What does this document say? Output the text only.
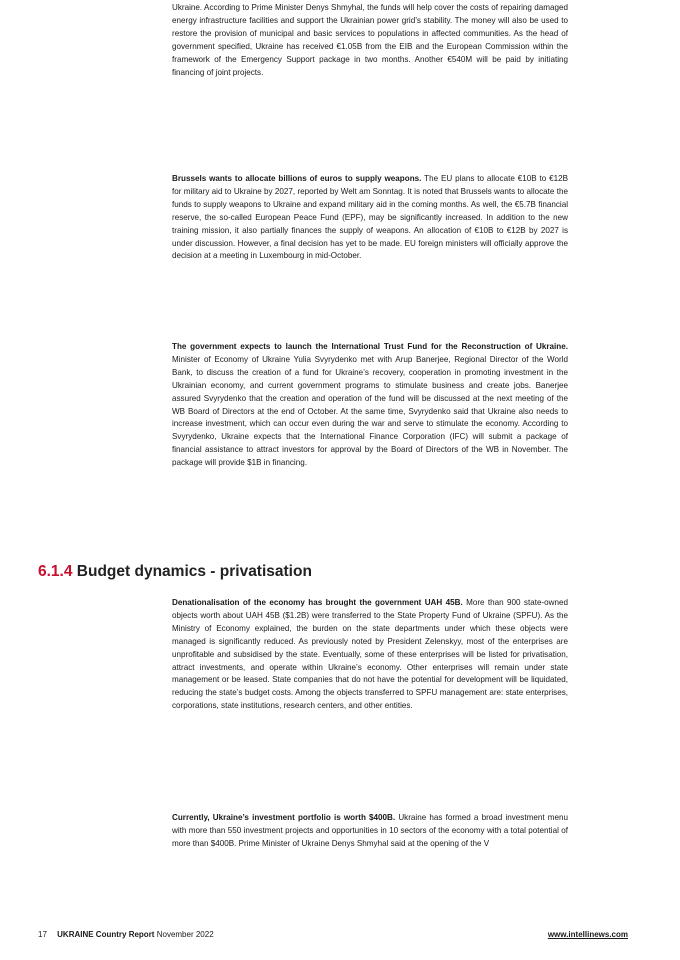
Ukraine. According to Prime Minister Denys Shmyhal, the funds will help cover the costs of repairing damaged energy infrastructure facilities and support the Ukrainian power grid’s stability. The money will also be used to restore the provision of municipal and basic services to populations in affected communities. As the head of government specified, Ukraine has received €1.05B from the EIB and the European Commission within the framework of the Emergency Support package in two months. Another €540M will be paid by initiating financing of joint projects.

Brussels wants to allocate billions of euros to supply weapons. The EU plans to allocate €10B to €12B for military aid to Ukraine by 2027, reported by Welt am Sonntag. It is noted that Brussels wants to allocate the funds to supply weapons to Ukraine and expand military aid in the coming months. As well, the €5.7B financial reserve, the so-called European Peace Fund (EPF), may be significantly increased. In addition to the new training mission, it also partially finances the supply of weapons. An allocation of €10B to €12B by 2027 is under discussion. However, a final decision has yet to be made. EU foreign ministers will officially approve the decision at a meeting in Luxembourg in mid-October.

The government expects to launch the International Trust Fund for the Reconstruction of Ukraine. Minister of Economy of Ukraine Yulia Svyrydenko met with Arup Banerjee, Regional Director of the World Bank, to discuss the creation of a fund for Ukraine’s recovery, cooperation in promoting investment in the Ukrainian economy, and current government programs to stimulate business and create jobs. Banerjee assured Svyrydenko that the creation and operation of the fund will be discussed at the next meeting of the WB Board of Directors at the end of October. At the same time, Svyrydenko said that Ukraine also needs to increase investment, which can occur even during the war and serve to stimulate the economy. According to Svyrydenko, Ukraine expects that the International Finance Corporation (IFC) will submit a package of financial assistance to attract investors for approval by the Board of Directors of the WB in November. The package will provide $1B in financing.

6.1.4 Budget dynamics - privatisation

Denationalisation of the economy has brought the government UAH 45B. More than 900 state-owned objects worth about UAH 45B ($1.2B) were transferred to the State Property Fund of Ukraine (SPFU). As the Ministry of Economy explained, the burden on the state departments under which these objects were managed is significantly reduced. As previously noted by President Zelenskyy, most of the enterprises are unprofitable and subsidised by the state. Eventually, some of these enterprises will be listed for privatisation, attract investments, and operate within Ukraine’s economy. Other enterprises will remain under state management or be leased. State companies that do not have the potential for development will be liquidated, reducing the state’s budget costs. Among the objects transferred to SPFU management are: state enterprises, corporations, state institutions, research centers, and other entities.

Currently, Ukraine’s investment portfolio is worth $400B. Ukraine has formed a broad investment menu with more than 550 investment projects and opportunities in 10 sectors of the economy with a total potential of more than $400B. Prime Minister of Ukraine Denys Shmyhal said at the opening of the V

17 UKRAINE Country Report November 2022	www.intellinews.com
